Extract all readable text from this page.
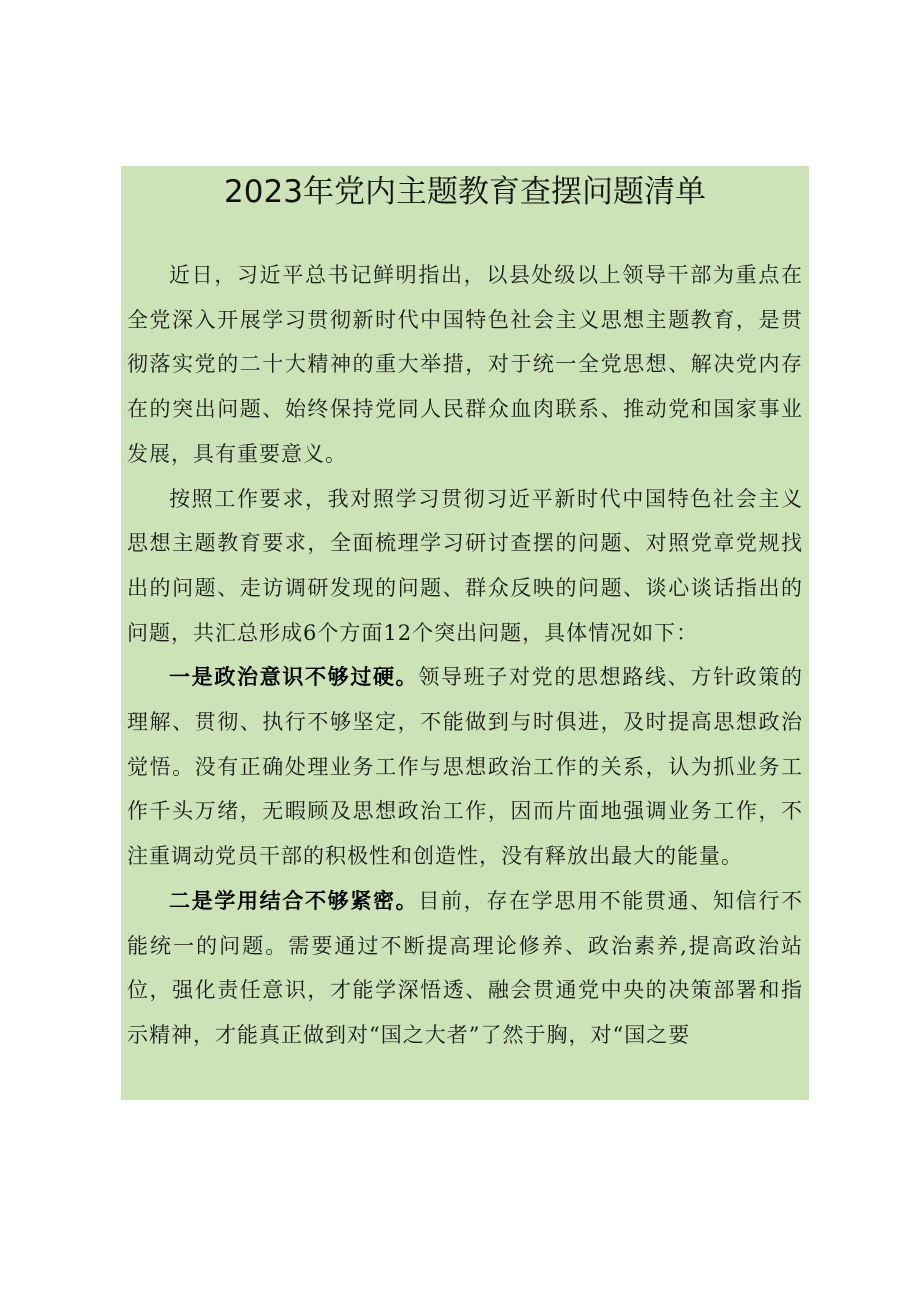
2023年党内主题教育查摆问题清单

近日，习近平总书记鲜明指出，以县处级以上领导干部为重点在全党深入开展学习贯彻新时代中国特色社会主义思想主题教育，是贯彻落实党的二十大精神的重大举措，对于统一全党思想、解决党内存在的突出问题、始终保持党同人民群众血肉联系、推动党和国家事业发展，具有重要意义。

按照工作要求，我对照学习贯彻习近平新时代中国特色社会主义思想主题教育要求，全面梳理学习研讨查摆的问题、对照党章党规找出的问题、走访调研发现的问题、群众反映的问题、谈心谈话指出的问题，共汇总形成6个方面12个突出问题，具体情况如下：

一是政治意识不够过硬。领导班子对党的思想路线、方针政策的理解、贯彻、执行不够坚定，不能做到与时俱进，及时提高思想政治觉悟。没有正确处理业务工作与思想政治工作的关系，认为抓业务工作千头万绪，无暇顾及思想政治工作，因而片面地强调业务工作，不注重调动党员干部的积极性和创造性，没有释放出最大的能量。

二是学用结合不够紧密。目前，存在学思用不能贯通、知信行不能统一的问题。需要通过不断提高理论修养、政治素养,提高政治站位，强化责任意识，才能学深悟透、融会贯通党中央的决策部署和指示精神，才能真正做到对“国之大者”了然于胸，对“国之要
